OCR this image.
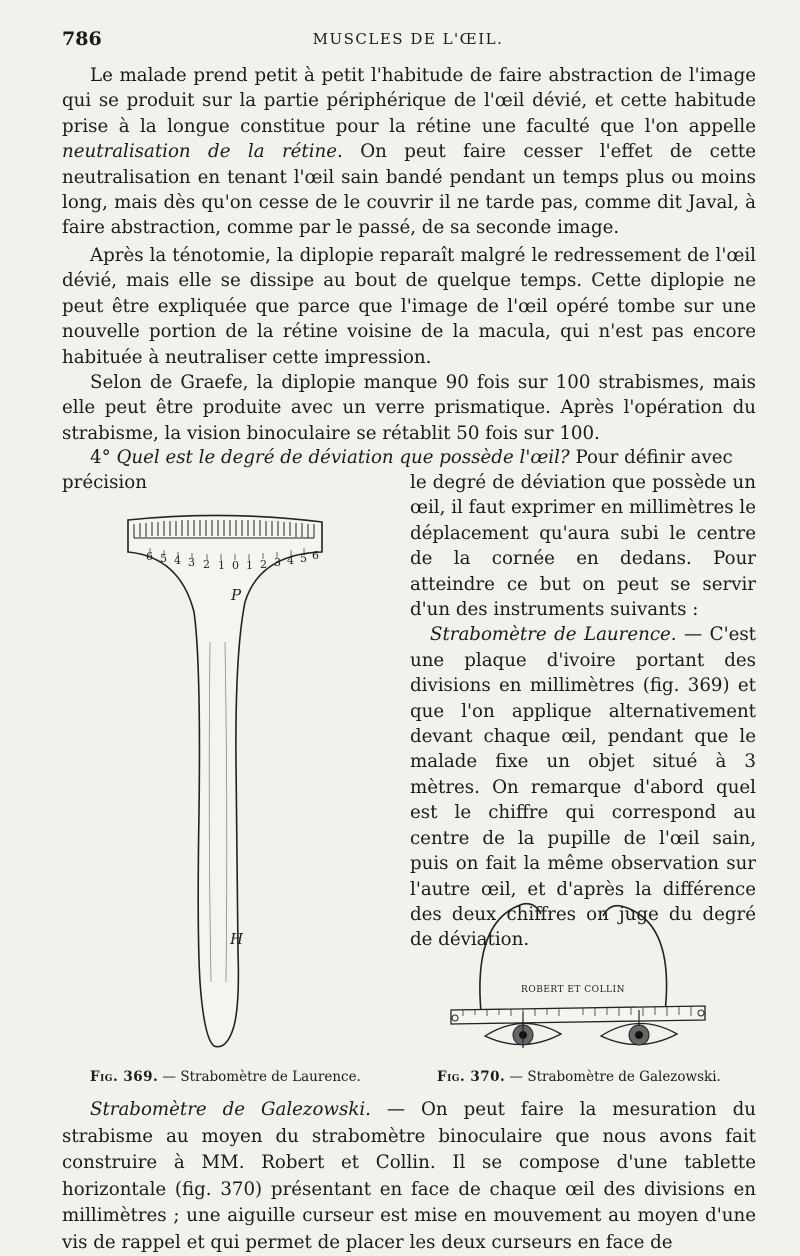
786	MUSCLES DE L'ŒIL.

Le malade prend petit à petit l'habitude de faire abstraction de l'image qui se produit sur la partie périphérique de l'œil dévié, et cette habitude prise à la longue constitue pour la rétine une faculté que l'on appelle neutralisation de la rétine. On peut faire cesser l'effet de cette neutralisation en tenant l'œil sain bandé pendant un temps plus ou moins long, mais dès qu'on cesse de le couvrir il ne tarde pas, comme dit Javal, à faire abstraction, comme par le passé, de sa seconde image.

Après la ténotomie, la diplopie reparaît malgré le redressement de l'œil dévié, mais elle se dissipe au bout de quelque temps. Cette diplopie ne peut être expliquée que parce que l'image de l'œil opéré tombe sur une nouvelle portion de la rétine voisine de la macula, qui n'est pas encore habituée à neutraliser cette impression.

Selon de Graefe, la diplopie manque 90 fois sur 100 strabismes, mais elle peut être produite avec un verre prismatique. Après l'opération du strabisme, la vision binoculaire se rétablit 50 fois sur 100.

4° Quel est le degré de déviation que possède l'œil? Pour définir avec précision	le degré de déviation que possède un œil, il faut exprimer en millimètres le déplacement qu'aura subi le centre de la cornée en dedans. Pour atteindre ce but on peut se servir d'un des instruments suivants :

Strabomètre de Laurence. — C'est une plaque d'ivoire portant des divisions en millimètres (fig. 369) et que l'on applique alternativement devant chaque œil, pendant que le malade fixe un objet situé à 3 mètres. On remarque d'abord quel est le chiffre qui correspond au centre de la pupille de l'œil sain, puis on fait la même observation sur l'autre œil, et d'après la différence des deux chiffres on juge du degré de déviation.

6 5 4 3 2 1 0 1 2 3 4 5 6
P
H
ROBERT ET COLLIN
Fig. 369. — Strabomètre de Laurence.	Fig. 370. — Strabomètre de Galezowski.

Strabomètre de Galezowski. — On peut faire la mesuration du strabisme au moyen du strabomètre binoculaire que nous avons fait construire à MM. Robert et Collin. Il se compose d'une tablette horizontale (fig. 370) présentant en face de chaque œil des divisions en millimètres ; une aiguille curseur est mise en mouvement au moyen d'une vis de rappel et qui permet de placer les deux curseurs en face de
